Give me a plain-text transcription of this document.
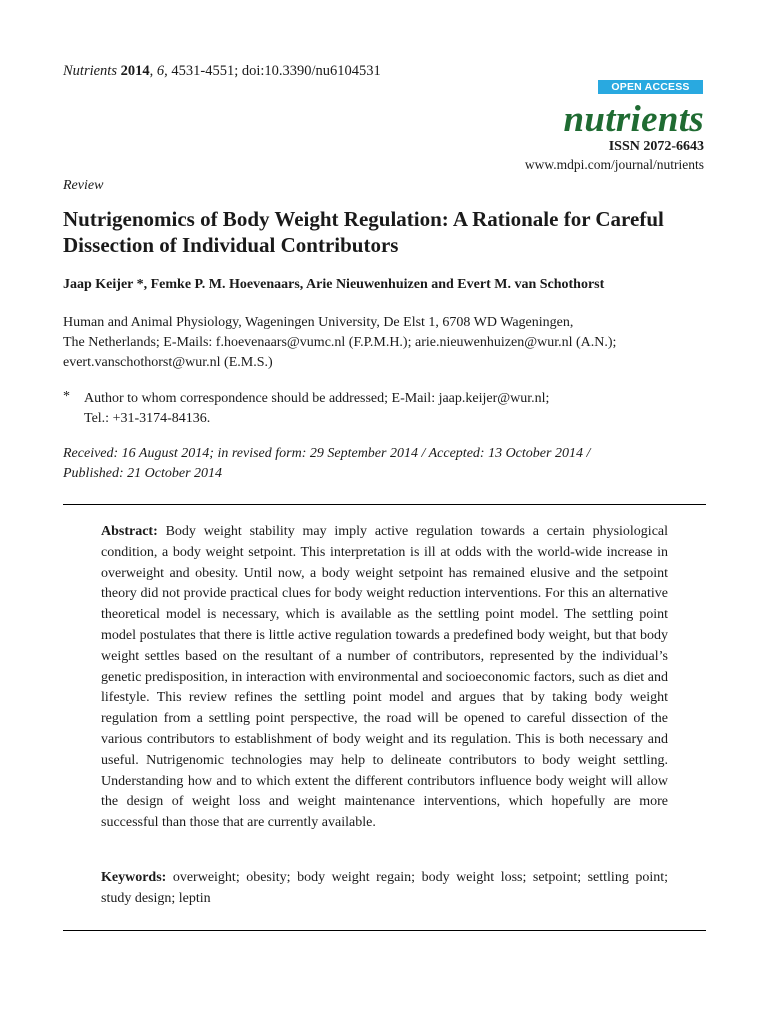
Nutrients 2014, 6, 4531-4551; doi:10.3390/nu6104531
OPEN ACCESS
nutrients
ISSN 2072-6643
www.mdpi.com/journal/nutrients
Review
Nutrigenomics of Body Weight Regulation: A Rationale for Careful Dissection of Individual Contributors
Jaap Keijer *, Femke P. M. Hoevenaars, Arie Nieuwenhuizen and Evert M. van Schothorst
Human and Animal Physiology, Wageningen University, De Elst 1, 6708 WD Wageningen,
The Netherlands; E-Mails: f.hoevenaars@vumc.nl (F.P.M.H.); arie.nieuwenhuizen@wur.nl (A.N.);
evert.vanschothorst@wur.nl (E.M.S.)
* Author to whom correspondence should be addressed; E-Mail: jaap.keijer@wur.nl;
Tel.: +31-3174-84136.
Received: 16 August 2014; in revised form: 29 September 2014 / Accepted: 13 October 2014 /
Published: 21 October 2014

Abstract: Body weight stability may imply active regulation towards a certain physiological condition, a body weight setpoint. This interpretation is ill at odds with the world-wide increase in overweight and obesity. Until now, a body weight setpoint has remained elusive and the setpoint theory did not provide practical clues for body weight reduction interventions. For this an alternative theoretical model is necessary, which is available as the settling point model. The settling point model postulates that there is little active regulation towards a predefined body weight, but that body weight settles based on the resultant of a number of contributors, represented by the individual’s genetic predisposition, in interaction with environmental and socioeconomic factors, such as diet and lifestyle. This review refines the settling point model and argues that by taking body weight regulation from a settling point perspective, the road will be opened to careful dissection of the various contributors to establishment of body weight and its regulation. This is both necessary and useful. Nutrigenomic technologies may help to delineate contributors to body weight settling. Understanding how and to which extent the different contributors influence body weight will allow the design of weight loss and weight maintenance interventions, which hopefully are more successful than those that are currently available.

Keywords: overweight; obesity; body weight regain; body weight loss; setpoint; settling point; study design; leptin
